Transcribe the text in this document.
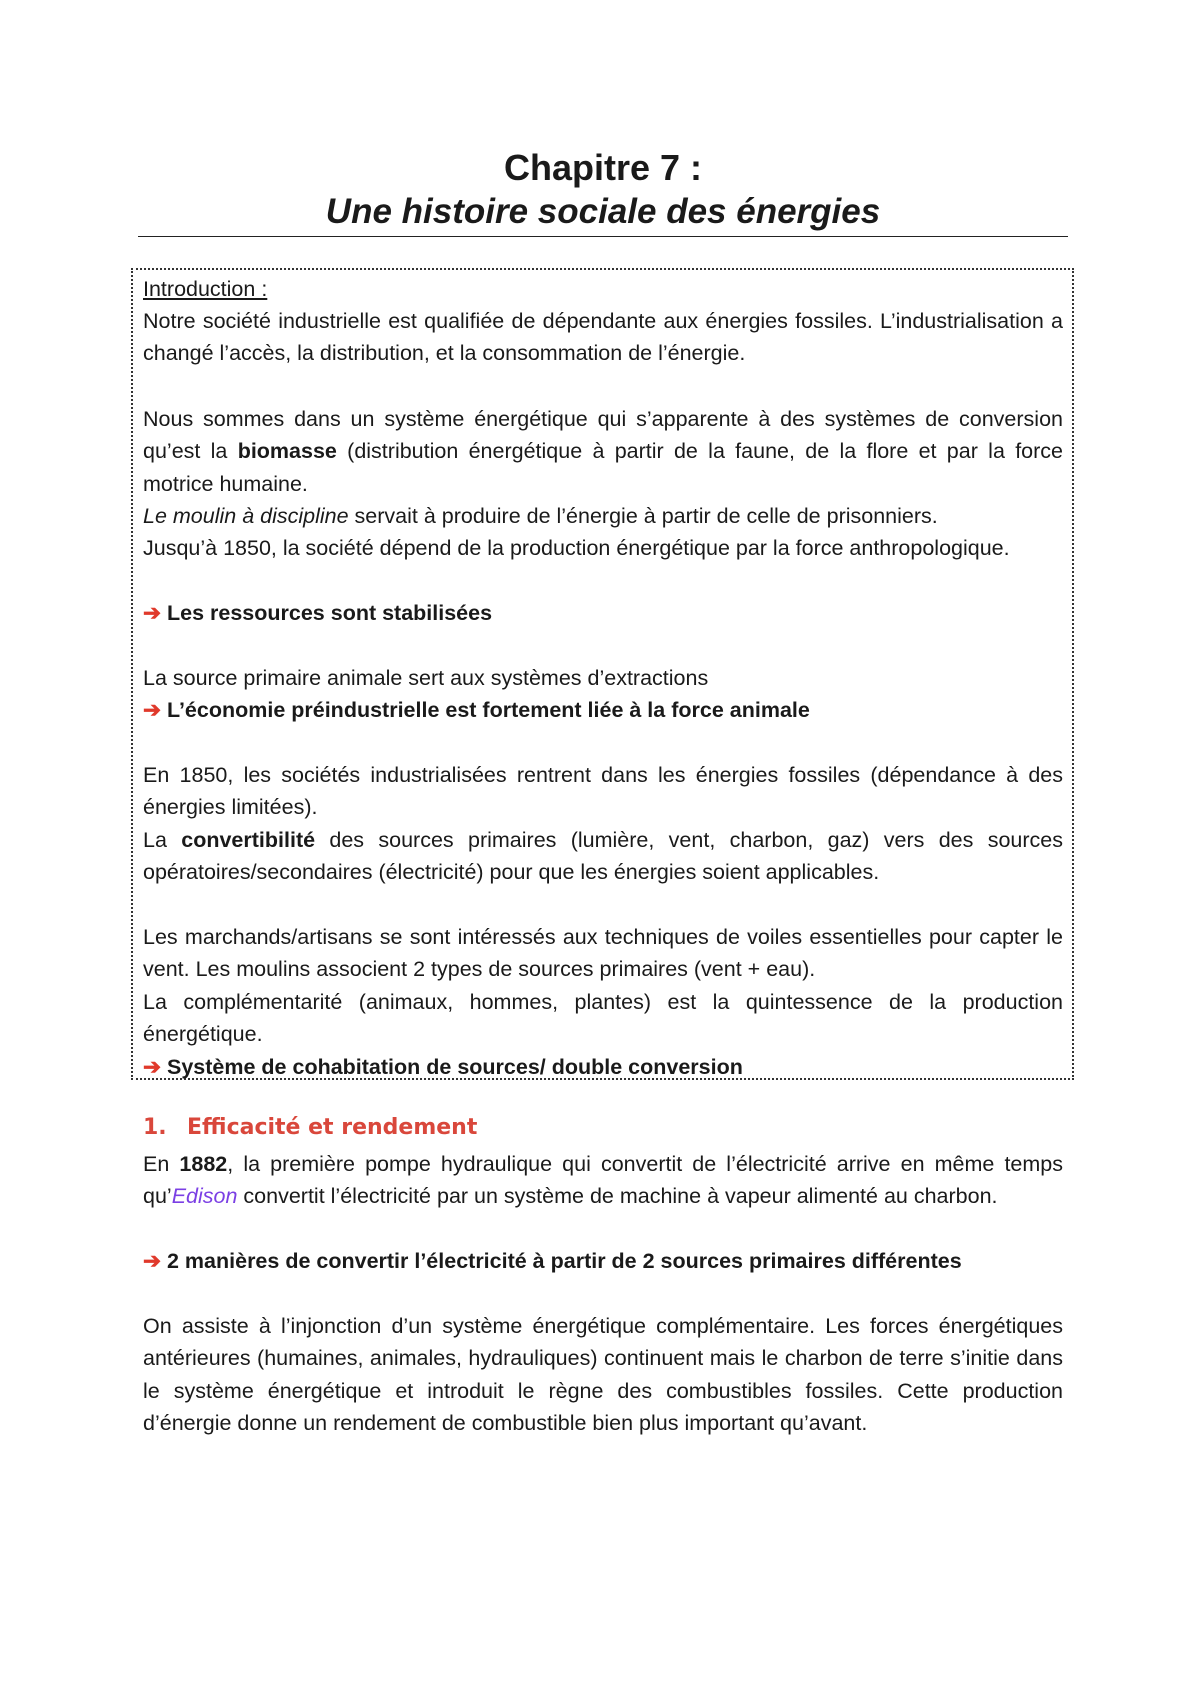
Chapitre 7 :
Une histoire sociale des énergies

Introduction :

Notre société industrielle est qualifiée de dépendante aux énergies fossiles. L’industrialisation a changé l’accès, la distribution, et la consommation de l’énergie.

Nous sommes dans un système énergétique qui s’apparente à des systèmes de conversion qu’est la biomasse (distribution énergétique à partir de la faune, de la flore et par la force motrice humaine.

Le moulin à discipline servait à produire de l’énergie à partir de celle de prisonniers.

Jusqu’à 1850, la société dépend de la production énergétique par la force anthropologique.

➔ Les ressources sont stabilisées

La source primaire animale sert aux systèmes d’extractions

➔ L’économie préindustrielle est fortement liée à la force animale

En 1850, les sociétés industrialisées rentrent dans les énergies fossiles (dépendance à des énergies limitées).

La convertibilité des sources primaires (lumière, vent, charbon, gaz) vers des sources opératoires/secondaires (électricité) pour que les énergies soient applicables.

Les marchands/artisans se sont intéressés aux techniques de voiles essentielles pour capter le vent. Les moulins associent 2 types de sources primaires (vent + eau).

La complémentarité (animaux, hommes, plantes) est la quintessence de la production énergétique.

➔ Système de cohabitation de sources/ double conversion

1. Efficacité et rendement

En 1882, la première pompe hydraulique qui convertit de l’électricité arrive en même temps qu’Edison convertit l’électricité par un système de machine à vapeur alimenté au charbon.

➔ 2 manières de convertir l’électricité à partir de 2 sources primaires différentes

On assiste à l’injonction d’un système énergétique complémentaire. Les forces énergétiques antérieures (humaines, animales, hydrauliques) continuent mais le charbon de terre s’initie dans le système énergétique et introduit le règne des combustibles fossiles. Cette production d’énergie donne un rendement de combustible bien plus important qu’avant.
